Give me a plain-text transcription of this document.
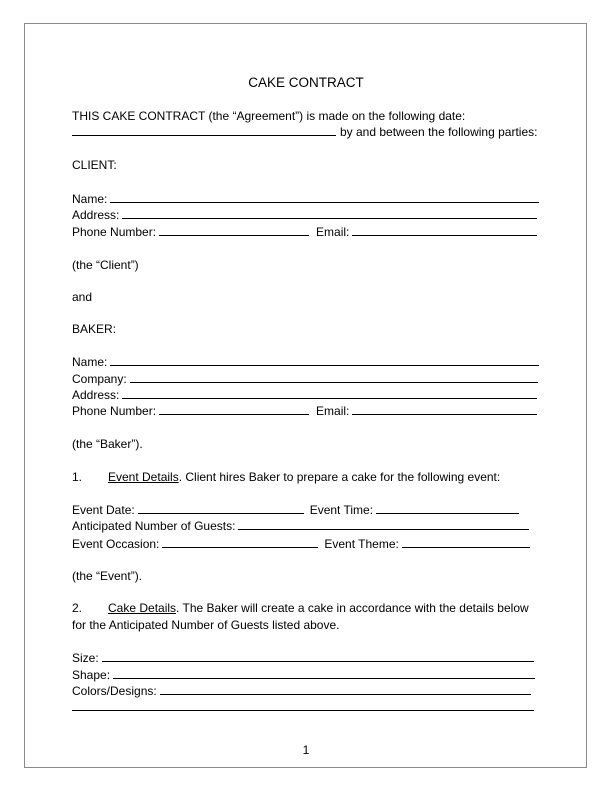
CAKE CONTRACT
THIS CAKE CONTRACT (the “Agreement”) is made on the following date:
by and between the following parties:
CLIENT:
Name:
Address:
Phone Number:	Email:
(the “Client”)
and
BAKER:
Name:
Company:
Address:
Phone Number:	Email:
(the “Baker”).
1. Event Details. Client hires Baker to prepare a cake for the following event:
Event Date:	Event Time:
Anticipated Number of Guests:
Event Occasion:	Event Theme:
(the “Event”).
2. Cake Details. The Baker will create a cake in accordance with the details below
for the Anticipated Number of Guests listed above.
Size:
Shape:
Colors/Designs:
1
